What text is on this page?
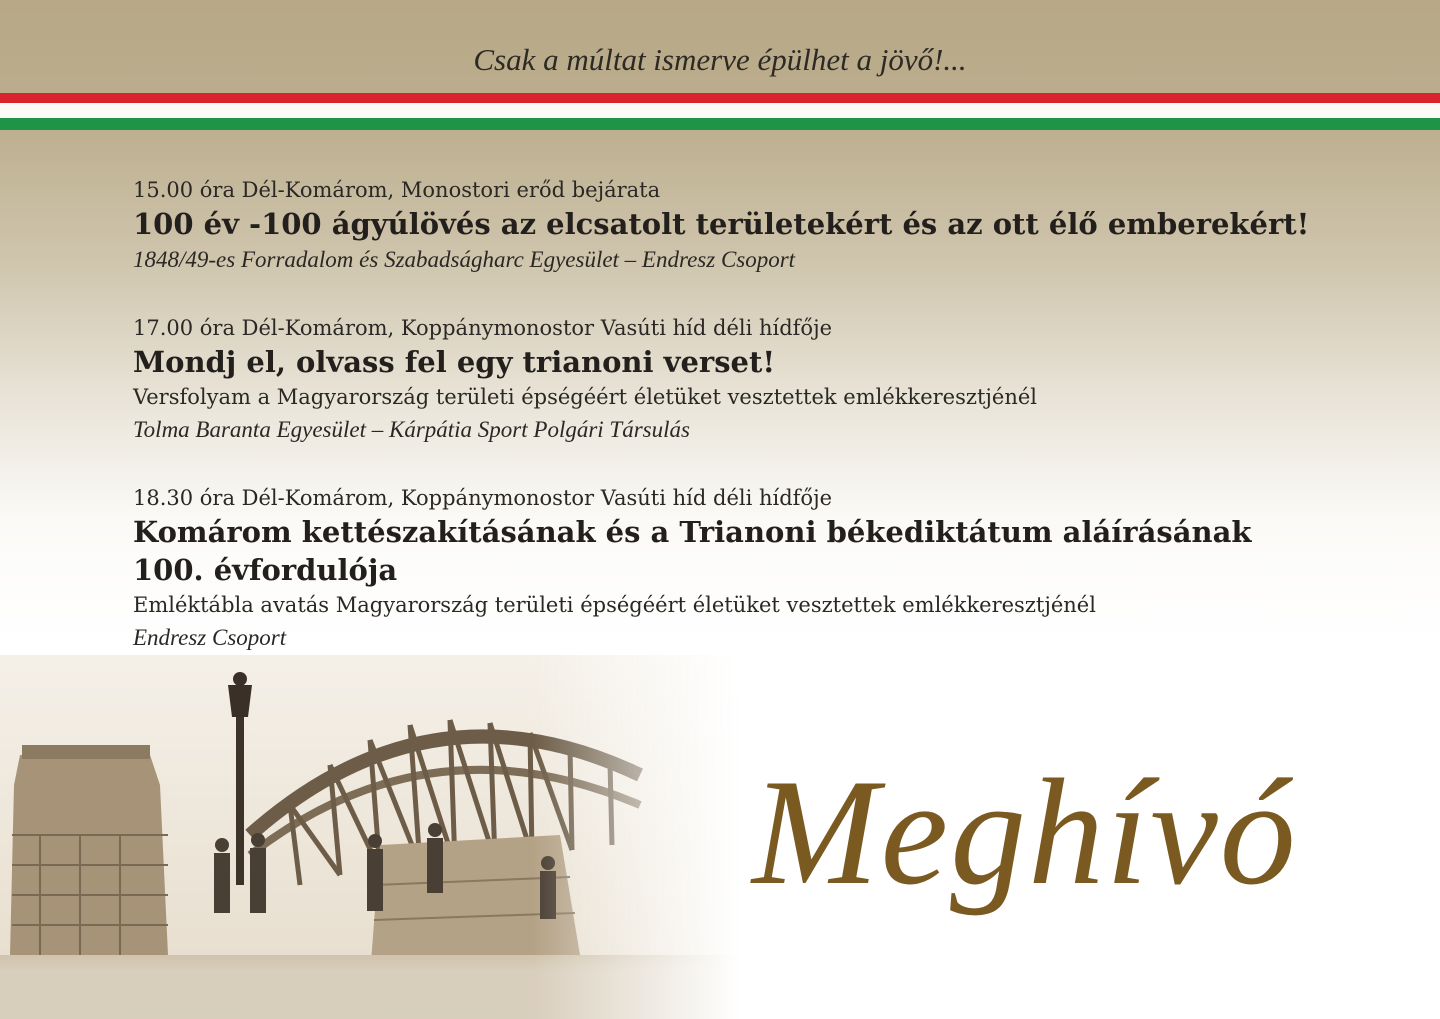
Csak a múltat ismerve épülhet a jövő!...
15.00 óra Dél-Komárom, Monostori erőd bejárata
100 év -100 ágyúlövés az elcsatolt területekért és az ott élő emberekért!
1848/49-es Forradalom és Szabadságharc Egyesület – Endresz Csoport
17.00 óra Dél-Komárom, Koppánymonostor Vasúti híd déli hídfője
Mondj el, olvass fel egy trianoni verset!
Versfolyam a Magyarország területi épségéért életüket vesztettek emlékkeresztjénél
Tolma Baranta Egyesület – Kárpátia Sport Polgári Társulás
18.30 óra Dél-Komárom, Koppánymonostor Vasúti híd déli hídfője
Komárom kettészakításának és a Trianoni békediktátum aláírásának
100. évfordulója
Emléktábla avatás Magyarország területi épségéért életüket vesztettek emlékkeresztjénél
Endresz Csoport
Meghívó
